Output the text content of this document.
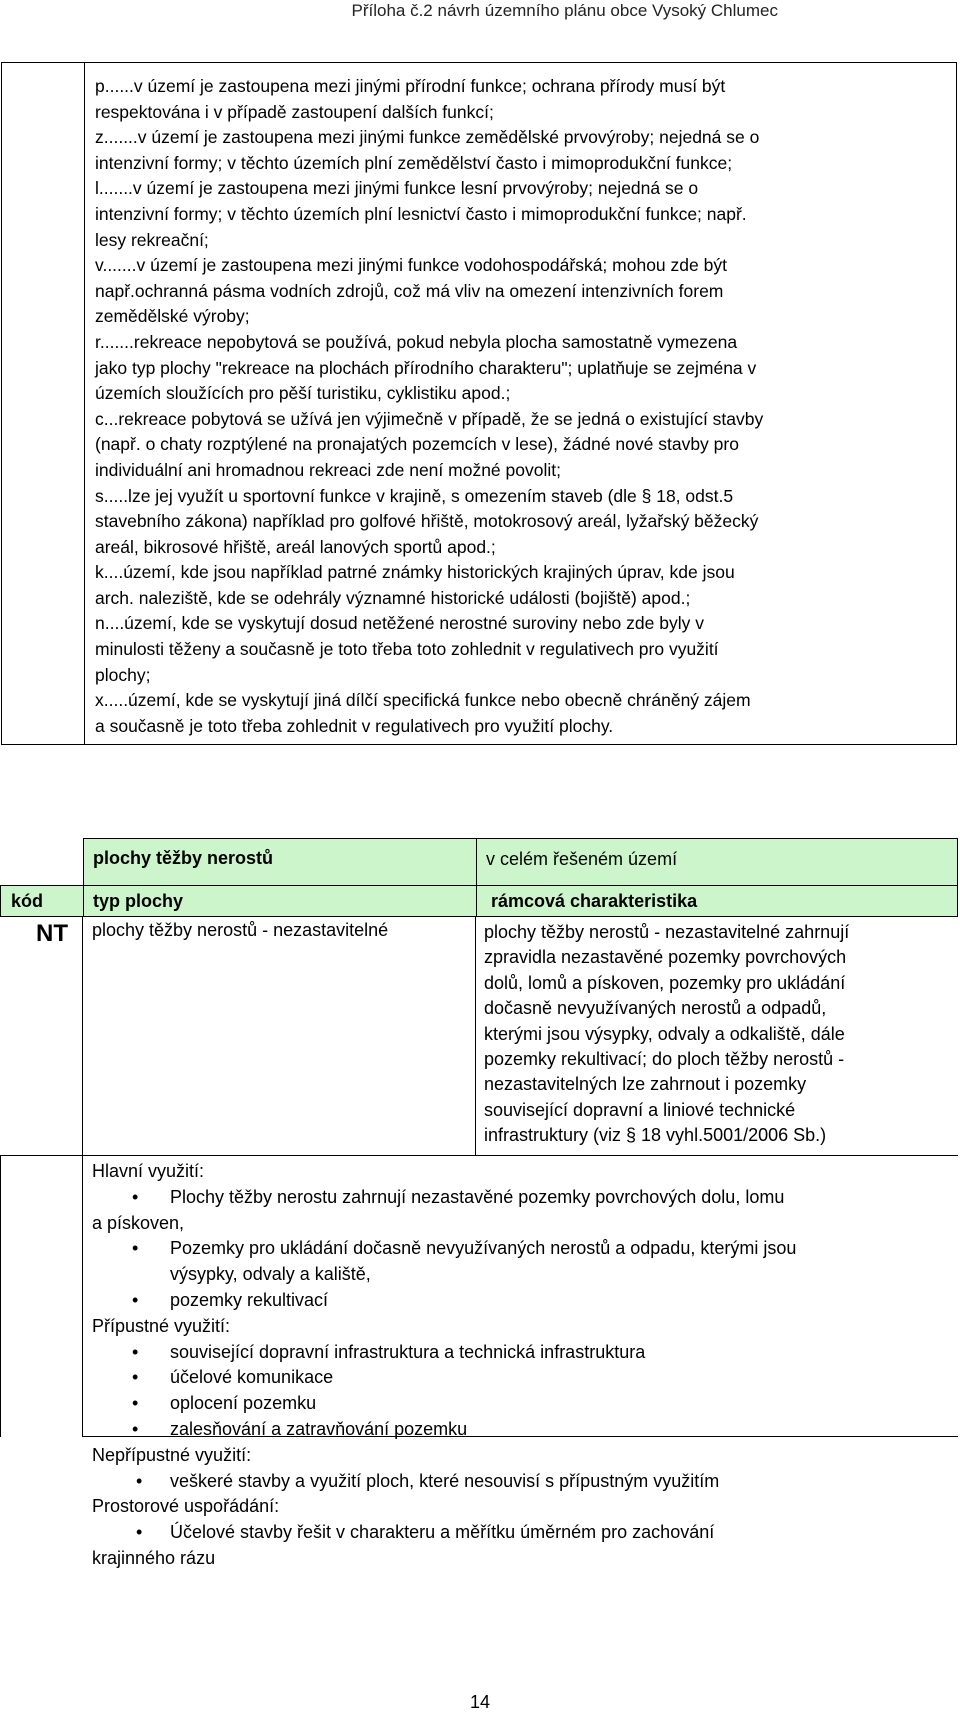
Příloha č.2 návrh územního plánu obce Vysoký Chlumec
p......v území je zastoupena mezi jinými přírodní funkce; ochrana přírody musí být
respektována i v případě zastoupení dalších funkcí;
z.......v území je zastoupena mezi jinými funkce zemědělské prvovýroby; nejedná se o
intenzivní formy; v těchto územích plní zemědělství často i mimoprodukční funkce;
l.......v území je zastoupena mezi jinými funkce lesní prvovýroby; nejedná se o
intenzivní formy; v těchto územích plní lesnictví často i mimoprodukční funkce; např.
lesy rekreační;
v.......v území je zastoupena mezi jinými funkce vodohospodářská; mohou zde být
např.ochranná pásma vodních zdrojů, což má vliv na omezení intenzivních forem
zemědělské výroby;
r.......rekreace nepobytová se používá, pokud nebyla plocha samostatně vymezena
jako typ plochy "rekreace na plochách přírodního charakteru"; uplatňuje se zejména v
územích sloužících pro pěší turistiku, cyklistiku apod.;
c...rekreace pobytová se užívá jen výjimečně v případě, že se jedná o existující stavby
(např. o chaty rozptýlené na pronajatých pozemcích v lese), žádné nové stavby pro
individuální ani hromadnou rekreaci zde není možné povolit;
s.....lze jej využít u sportovní funkce v krajině, s omezením staveb (dle § 18, odst.5
stavebního zákona) například pro golfové hřiště, motokrosový areál, lyžařský běžecký
areál, bikrosové hřiště, areál lanových sportů apod.;
k....území, kde jsou například patrné známky historických krajiných úprav, kde jsou
arch. naleziště, kde se odehrály významné historické události (bojiště) apod.;
n....území, kde se vyskytují dosud netěžené nerostné suroviny nebo zde byly v
minulosti těženy a současně je toto třeba toto zohlednit v regulativech pro využití
plochy;
x.....území, kde se vyskytují jiná dílčí specifická funkce nebo obecně chráněný zájem
a současně je toto třeba zohlednit v regulativech pro využití plochy.
plochy těžby nerostů	v celém řešeném území
kód	typ plochy	rámcová charakteristika
NT plochy těžby nerostů - nezastavitelné	plochy těžby nerostů - nezastavitelné zahrnují
zpravidla nezastavěné pozemky povrchových
dolů, lomů a pískoven, pozemky pro ukládání
dočasně nevyužívaných nerostů a odpadů,
kterými jsou výsypky, odvaly a odkaliště, dále
pozemky rekultivací; do ploch těžby nerostů -
nezastavitelných lze zahrnout i pozemky
související dopravní a liniové technické
infrastruktury (viz § 18 vyhl.5001/2006 Sb.)
Hlavní využití:
• Plochy těžby nerostu zahrnují nezastavěné pozemky povrchových dolu, lomu
a pískoven,
• Pozemky pro ukládání dočasně nevyužívaných nerostů a odpadu, kterými jsou
výsypky, odvaly a kaliště,
• pozemky rekultivací
Přípustné využití:
• související dopravní infrastruktura a technická infrastruktura
• účelové komunikace
• oplocení pozemku
• zalesňování a zatravňování pozemku
Nepřípustné využití:
• veškeré stavby a využití ploch, které nesouvisí s přípustným využitím
Prostorové uspořádání:
• Účelové stavby řešit v charakteru a měřítku úměrném pro zachování
krajinného rázu
14
